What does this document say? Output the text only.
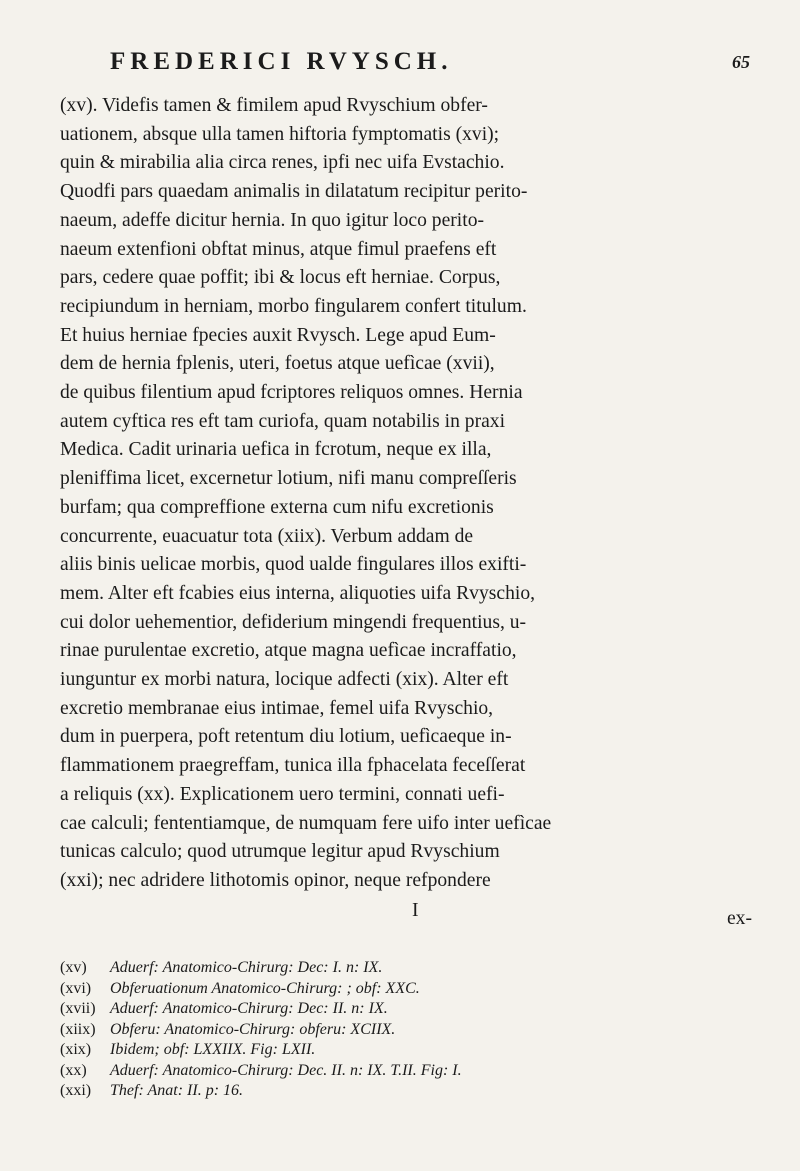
FREDERICI RVYSCH.	65

(xv). Videfis tamen & fimilem apud Rvyschium obfer-
uationem, absque ulla tamen hiftoria fymptomatis (xvi);
quin & mirabilia alia circa renes, ipfi nec uifa Evstachio.
Quodfi pars quaedam animalis in dilatatum recipitur perito-
naeum, adeffe dicitur hernia. In quo igitur loco perito-
naeum extenfioni obftat minus, atque fimul praefens eft
pars, cedere quae poffit; ibi & locus eft herniae. Corpus,
recipiundum in herniam, morbo fingularem confert titulum.
Et huius herniae fpecies auxit Rvysch. Lege apud Eum-
dem de hernia fplenis, uteri, foetus atque uefìcae (xvii),
de quibus filentium apud fcriptores reliquos omnes. Hernia
autem cyftica res eft tam curiofa, quam notabilis in praxi
Medica. Cadit urinaria uefica in fcrotum, neque ex illa,
pleniffima licet, excernetur lotium, nifi manu compreſſeris
burfam; qua compreffione externa cum nifu excretionis
concurrente, euacuatur tota (xiix). Verbum addam de
aliis binis uelicae morbis, quod ualde fingulares illos exifti-
mem. Alter eft fcabies eius interna, aliquoties uifa Rvyschio,
cui dolor uehementior, defiderium mingendi frequentius, u-
rinae purulentae excretio, atque magna uefìcae incraffatio,
iunguntur ex morbi natura, locique adfecti (xix). Alter eft
excretio membranae eius intimae, femel uifa Rvyschio,
dum in puerpera, poft retentum diu lotium, uefìcaeque in-
flammationem praegreffam, tunica illa fphacelata feceſſerat
a reliquis (xx). Explicationem uero termini, connati uefi-
cae calculi; fententiamque, de numquam fere uifo inter uefìcae
tunicas calculo; quod utrumque legitur apud Rvyschium
(xxi); nec adridere lithotomis opinor, neque refpondere

I	ex-
(xv) Aduerf: Anatomico-Chirurg: Dec: I. n: IX.
(xvi) Obferuationum Anatomico-Chirurg: ; obf: XXC.
(xvii) Aduerf: Anatomico-Chirurg: Dec: II. n: IX.
(xiix) Obferu: Anatomico-Chirurg: obferu: XCIIX.
(xix) Ibidem; obf: LXXIIX. Fig: LXII.
(xx) Aduerf: Anatomico-Chirurg: Dec. II. n: IX. T.II. Fig: I.
(xxi) Thef: Anat: II. p: 16.
